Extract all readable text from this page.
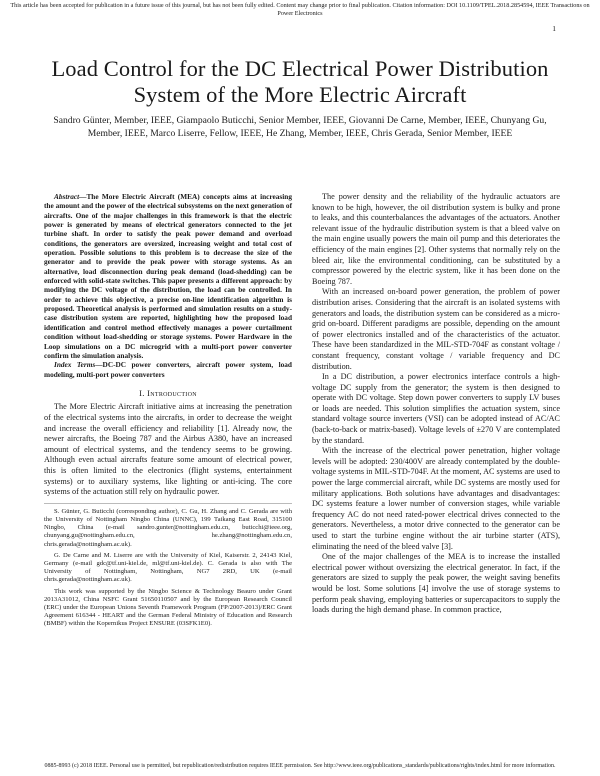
This article has been accepted for publication in a future issue of this journal, but has not been fully edited. Content may change prior to final publication. Citation information: DOI 10.1109/TPEL.2018.2854594, IEEE Transactions on Power Electronics
1
Load Control for the DC Electrical Power Distribution System of the More Electric Aircraft
Sandro Günter, Member, IEEE, Giampaolo Buticchi, Senior Member, IEEE, Giovanni De Carne, Member, IEEE, Chunyang Gu, Member, IEEE, Marco Liserre, Fellow, IEEE, He Zhang, Member, IEEE, Chris Gerada, Senior Member, IEEE

Abstract—The More Electric Aircraft (MEA) concepts aims at increasing the amount and the power of the electrical subsystems on the next generation of aircrafts. One of the major challenges in this framework is that the electric power is generated by means of electrical generators connected to the jet turbine shaft. In order to satisfy the peak power demand and overload conditions, the generators are oversized, increasing weight and total cost of operation. Possible solutions to this problem is to decrease the size of the generator and to provide the peak power with storage systems. As an alternative, load disconnection during peak demand (load-shedding) can be enforced with solid-state switches. This paper presents a different approach: by modifying the DC voltage of the distribution, the load can be controlled. In order to achieve this objective, a precise on-line identification algorithm is proposed. Theoretical analysis is performed and simulation results on a study-case distribution system are reported, highlighting how the proposed load identification and control method effectively manages a power curtailment condition without load-shedding or storage systems. Power Hardware in the Loop simulations on a DC microgrid with a multi-port power converter confirm the simulation analysis.

Index Terms—DC-DC power converters, aircraft power system, load modeling, multi-port power converters

I. Introduction

The More Electric Aircraft initiative aims at increasing the penetration of the electrical systems into the aircrafts, in order to decrease the weight and increase the overall efficiency and reliability [1]. Already now, the newer aircrafts, the Boeing 787 and the Airbus A380, have an increased amount of electrical systems, and the tendency seems to be growing. Although even actual aircrafts feature some amount of electrical power, this is often limited to the electronics (flight systems, entertainment systems) or to auxiliary systems, like lighting or anti-icing. The core systems of the actuation still rely on hydraulic power.

S. Günter, G. Buticchi (corresponding author), C. Gu, H. Zhang and C. Gerada are with the University of Nottingham Ningbo China (UNNC), 199 Taikang East Road, 315100 Ningbo, China (e-mail sandro.gunter@nottingham.edu.cn, buticchi@ieee.org, chunyang.gu@nottingham.edu.cn, he.zhang@nottingham.edu.cn, chris.gerada@nottingham.ac.uk).

G. De Carne and M. Liserre are with the University of Kiel, Kaiserstr. 2, 24143 Kiel, Germany (e-mail gdc@tf.uni-kiel.de, ml@tf.uni-kiel.de). C. Gerada is also with The University of Nottingham, Nottingham, NG7 2RD, UK (e-mail chris.gerada@nottingham.ac.uk).

This work was supported by the Ningbo Science & Technology Beauro under Grant 2013A31012, China NSFC Grant 51650110507 and by the European Research Council (ERC) under the European Unions Seventh Framework Program (FP/2007-2013)/ERC Grant Agreement 616344 - HEART and the German Federal Ministry of Education and Research (BMBF) within the Kopernikus Project ENSURE (03SFK1E0).

The power density and the reliability of the hydraulic actuators are known to be high, however, the oil distribution system is bulky and prone to leaks, and this counterbalances the advantages of the actuators. Another relevant issue of the hydraulic distribution system is that a bleed valve on the main engine usually powers the main oil pump and this deteriorates the efficiency of the main engines [2]. Other systems that normally rely on the bleed air, like the environmental conditioning, can be substituted by a compressor powered by the electric system, like it has been done on the Boeing 787.

With an increased on-board power generation, the problem of power distribution arises. Considering that the aircraft is an isolated systems with generators and loads, the distribution system can be considered as a micro-grid on-board. Different paradigms are possible, depending on the amount of power electronics installed and of the characteristics of the actuator. These have been standardized in the MIL-STD-704F as constant voltage / constant frequency, constant voltage / variable frequency and DC distribution.

In a DC distribution, a power electronics interface controls a high-voltage DC supply from the generator; the system is then designed to operate with DC voltage. Step down power converters to supply LV buses or loads are needed. This solution simplifies the actuation system, since standard voltage source inverters (VSI) can be adopted instead of AC/AC (back-to-back or matrix-based). Voltage levels of ±270 V are contemplated by the standard.

With the increase of the electrical power penetration, higher voltage levels will be adopted: 230/400V are already contemplated by the double-voltage systems in MIL-STD-704F. At the moment, AC systems are used to power the large commercial aircraft, while DC systems are mostly used for military applications. Both solutions have advantages and disadvantages: DC systems feature a lower number of conversion stages, while variable frequency AC do not need rated-power electrical drives connected to the generators. Nevertheless, a motor drive connected to the generator can be used to start the turbine engine without the air turbine starter (ATS), eliminating the need of the bleed valve [3].

One of the major challenges of the MEA is to increase the installed electrical power without oversizing the electrical generator. In fact, if the generators are sized to supply the peak power, the weight saving benefits would be lost. Some solutions [4] involve the use of storage systems to perform peak shaving, employing batteries or supercapacitors to supply the loads during the high demand phase. In common practice,

0885-8993 (c) 2018 IEEE. Personal use is permitted, but republication/redistribution requires IEEE permission. See http://www.ieee.org/publications_standards/publications/rights/index.html for more information.
